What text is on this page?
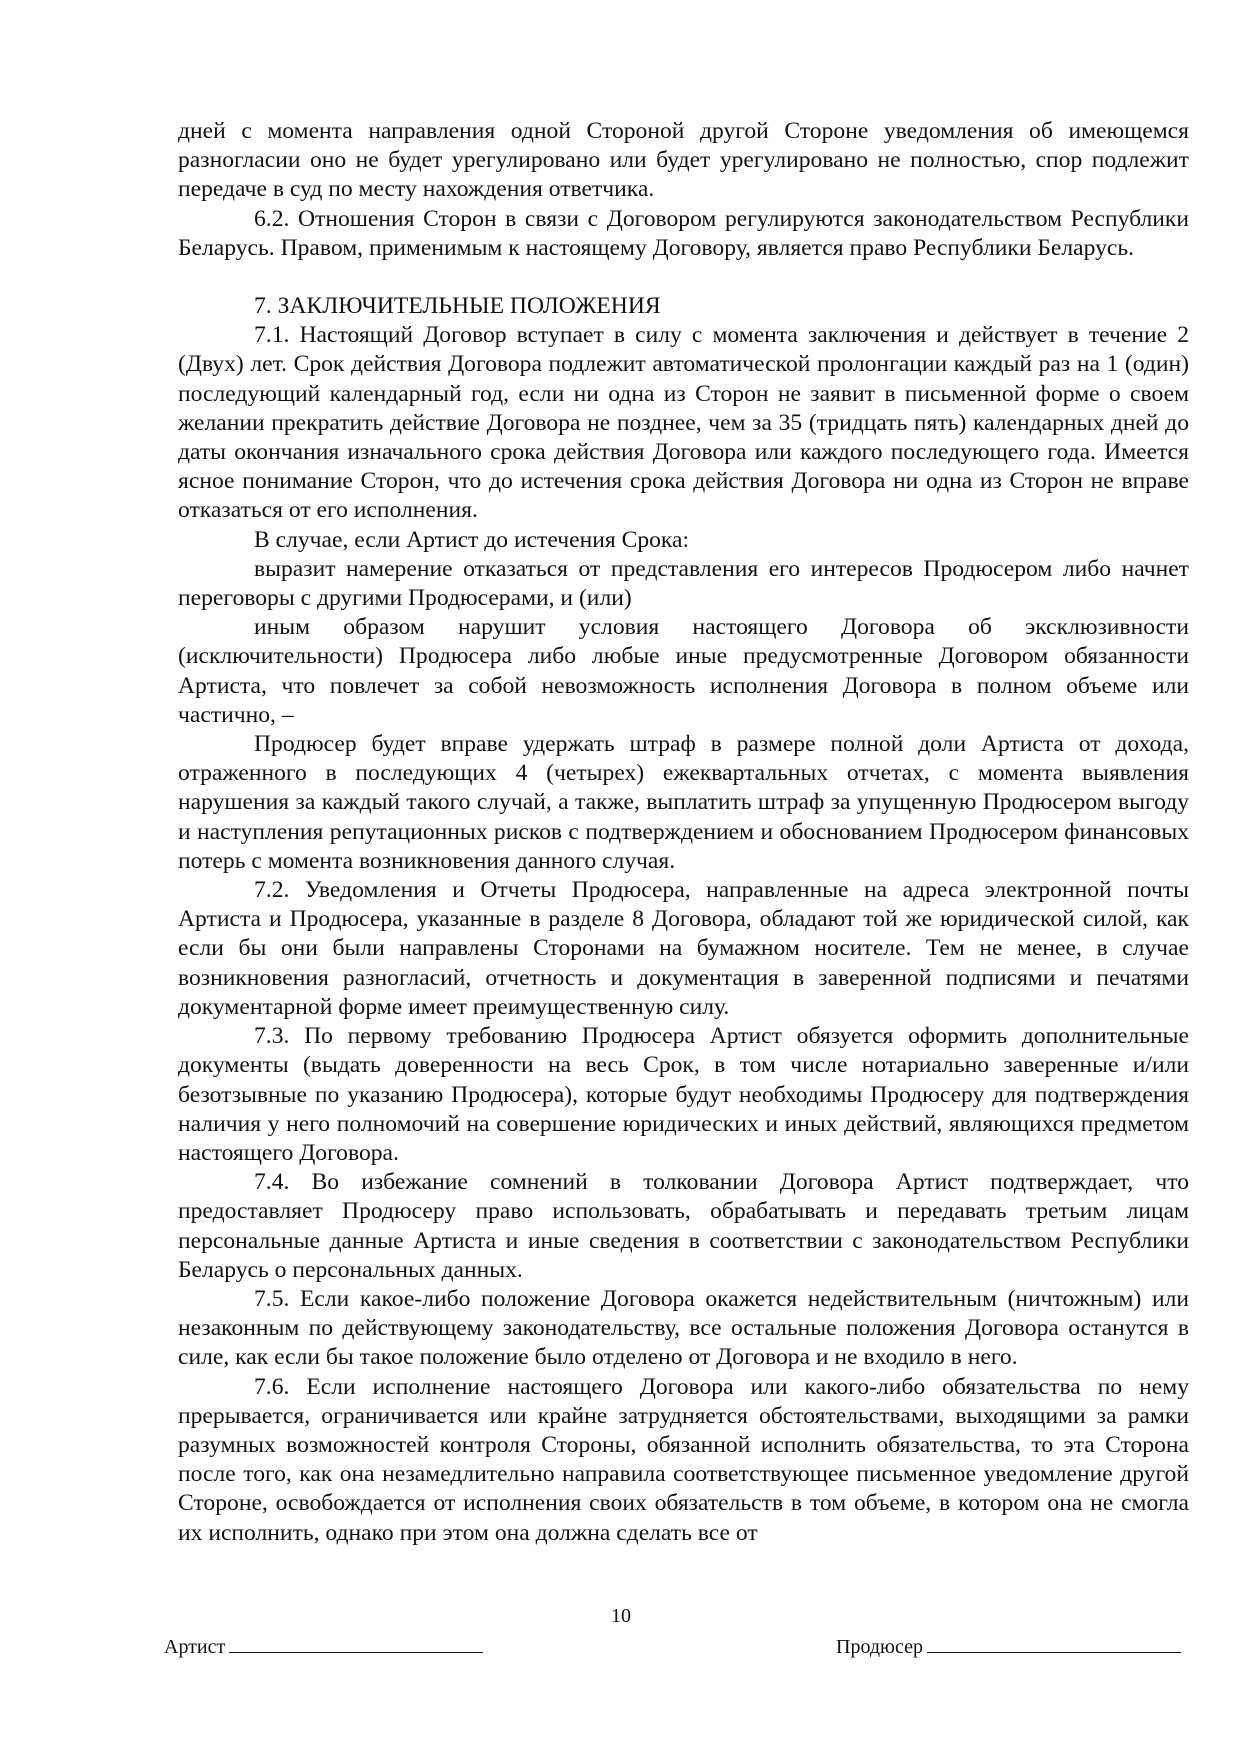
дней с момента направления одной Стороной другой Стороне уведомления об имеющемся разногласии оно не будет урегулировано или будет урегулировано не полностью, спор подлежит передаче в суд по месту нахождения ответчика.

6.2. Отношения Сторон в связи с Договором регулируются законодательством Республики Беларусь. Правом, применимым к настоящему Договору, является право Республики Беларусь.

7. ЗАКЛЮЧИТЕЛЬНЫЕ ПОЛОЖЕНИЯ

7.1. Настоящий Договор вступает в силу с момента заключения и действует в течение 2 (Двух) лет. Срок действия Договора подлежит автоматической пролонгации каждый раз на 1 (один) последующий календарный год, если ни одна из Сторон не заявит в письменной форме о своем желании прекратить действие Договора не позднее, чем за 35 (тридцать пять) календарных дней до даты окончания изначального срока действия Договора или каждого последующего года. Имеется ясное понимание Сторон, что до истечения срока действия Договора ни одна из Сторон не вправе отказаться от его исполнения.

В случае, если Артист до истечения Срока:

выразит намерение отказаться от представления его интересов Продюсером либо начнет переговоры с другими Продюсерами, и (или)

иным образом нарушит условия настоящего Договора об эксклюзивности (исключительности) Продюсера либо любые иные предусмотренные Договором обязанности Артиста, что повлечет за собой невозможность исполнения Договора в полном объеме или частично, –

Продюсер будет вправе удержать штраф в размере полной доли Артиста от дохода, отраженного в последующих 4 (четырех) ежеквартальных отчетах, с момента выявления нарушения за каждый такого случай, а также, выплатить штраф за упущенную Продюсером выгоду и наступления репутационных рисков с подтверждением и обоснованием Продюсером финансовых потерь с момента возникновения данного случая.

7.2. Уведомления и Отчеты Продюсера, направленные на адреса электронной почты Артиста и Продюсера, указанные в разделе 8 Договора, обладают той же юридической силой, как если бы они были направлены Сторонами на бумажном носителе. Тем не менее, в случае возникновения разногласий, отчетность и документация в заверенной подписями и печатями документарной форме имеет преимущественную силу.

7.3. По первому требованию Продюсера Артист обязуется оформить дополнительные документы (выдать доверенности на весь Срок, в том числе нотариально заверенные и/или безотзывные по указанию Продюсера), которые будут необходимы Продюсеру для подтверждения наличия у него полномочий на совершение юридических и иных действий, являющихся предметом настоящего Договора.

7.4. Во избежание сомнений в толковании Договора Артист подтверждает, что предоставляет Продюсеру право использовать, обрабатывать и передавать третьим лицам персональные данные Артиста и иные сведения в соответствии с законодательством Республики Беларусь о персональных данных.

7.5. Если какое-либо положение Договора окажется недействительным (ничтожным) или незаконным по действующему законодательству, все остальные положения Договора останутся в силе, как если бы такое положение было отделено от Договора и не входило в него.

7.6. Если исполнение настоящего Договора или какого-либо обязательства по нему прерывается, ограничивается или крайне затрудняется обстоятельствами, выходящими за рамки разумных возможностей контроля Стороны, обязанной исполнить обязательства, то эта Сторона после того, как она незамедлительно направила соответствующее письменное уведомление другой Стороне, освобождается от исполнения своих обязательств в том объеме, в котором она не смогла их исполнить, однако при этом она должна сделать все от

10
Артист	Продюсер
